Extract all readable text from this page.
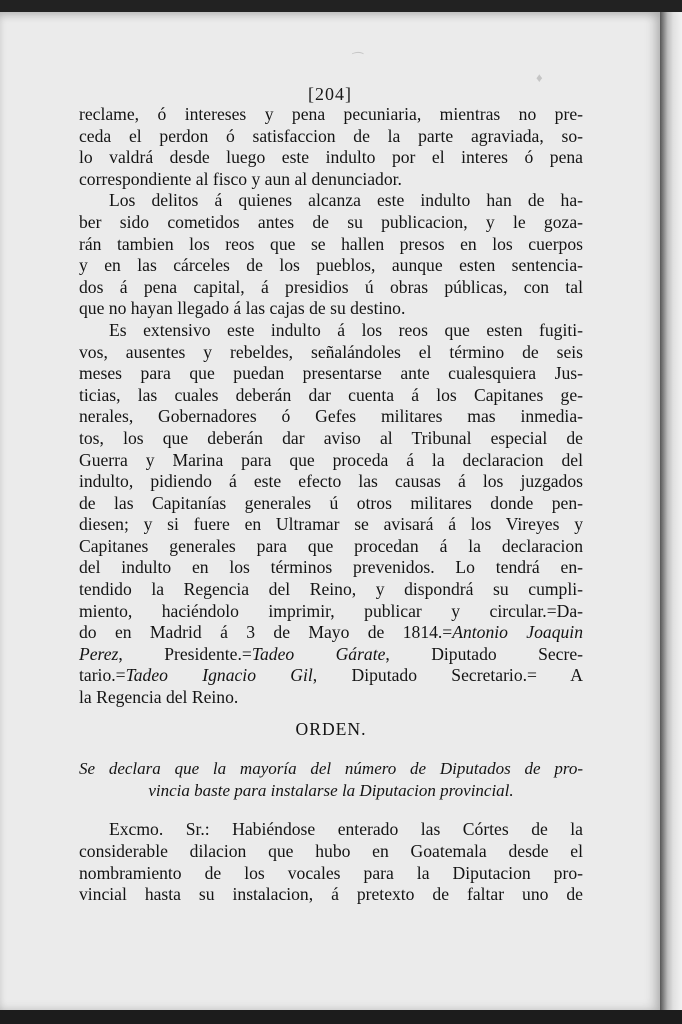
⁀
♦
[204]
reclame, ó intereses y pena pecuniaria, mientras no pre-
ceda el perdon ó satisfaccion de la parte agraviada, so-
lo valdrá desde luego este indulto por el interes ó pena
correspondiente al fisco y aun al denunciador.
Los delitos á quienes alcanza este indulto han de ha-
ber sido cometidos antes de su publicacion, y le goza-
rán tambien los reos que se hallen presos en los cuerpos
y en las cárceles de los pueblos, aunque esten sentencia-
dos á pena capital, á presidios ú obras públicas, con tal
que no hayan llegado á las cajas de su destino.
Es extensivo este indulto á los reos que esten fugiti-
vos, ausentes y rebeldes, señalándoles el término de seis
meses para que puedan presentarse ante cualesquiera Jus-
ticias, las cuales deberán dar cuenta á los Capitanes ge-
nerales, Gobernadores ó Gefes militares mas inmedia-
tos, los que deberán dar aviso al Tribunal especial de
Guerra y Marina para que proceda á la declaracion del
indulto, pidiendo á este efecto las causas á los juzgados
de las Capitanías generales ú otros militares donde pen-
diesen; y si fuere en Ultramar se avisará á los Vireyes y
Capitanes generales para que procedan á la declaracion
del indulto en los términos prevenidos. Lo tendrá en-
tendido la Regencia del Reino, y dispondrá su cumpli-
miento, haciéndolo imprimir, publicar y circular.=Da-
do en Madrid á 3 de Mayo de 1814.=Antonio Joaquin
Perez, Presidente.=Tadeo Gárate, Diputado Secre-
tario.=Tadeo Ignacio Gil, Diputado Secretario.= A
la Regencia del Reino.
ORDEN.
Se declara que la mayoría del número de Diputados de pro-
vincia baste para instalarse la Diputacion provincial.
Excmo. Sr.: Habiéndose enterado las Córtes de la
considerable dilacion que hubo en Goatemala desde el
nombramiento de los vocales para la Diputacion pro-
vincial hasta su instalacion, á pretexto de faltar uno de
